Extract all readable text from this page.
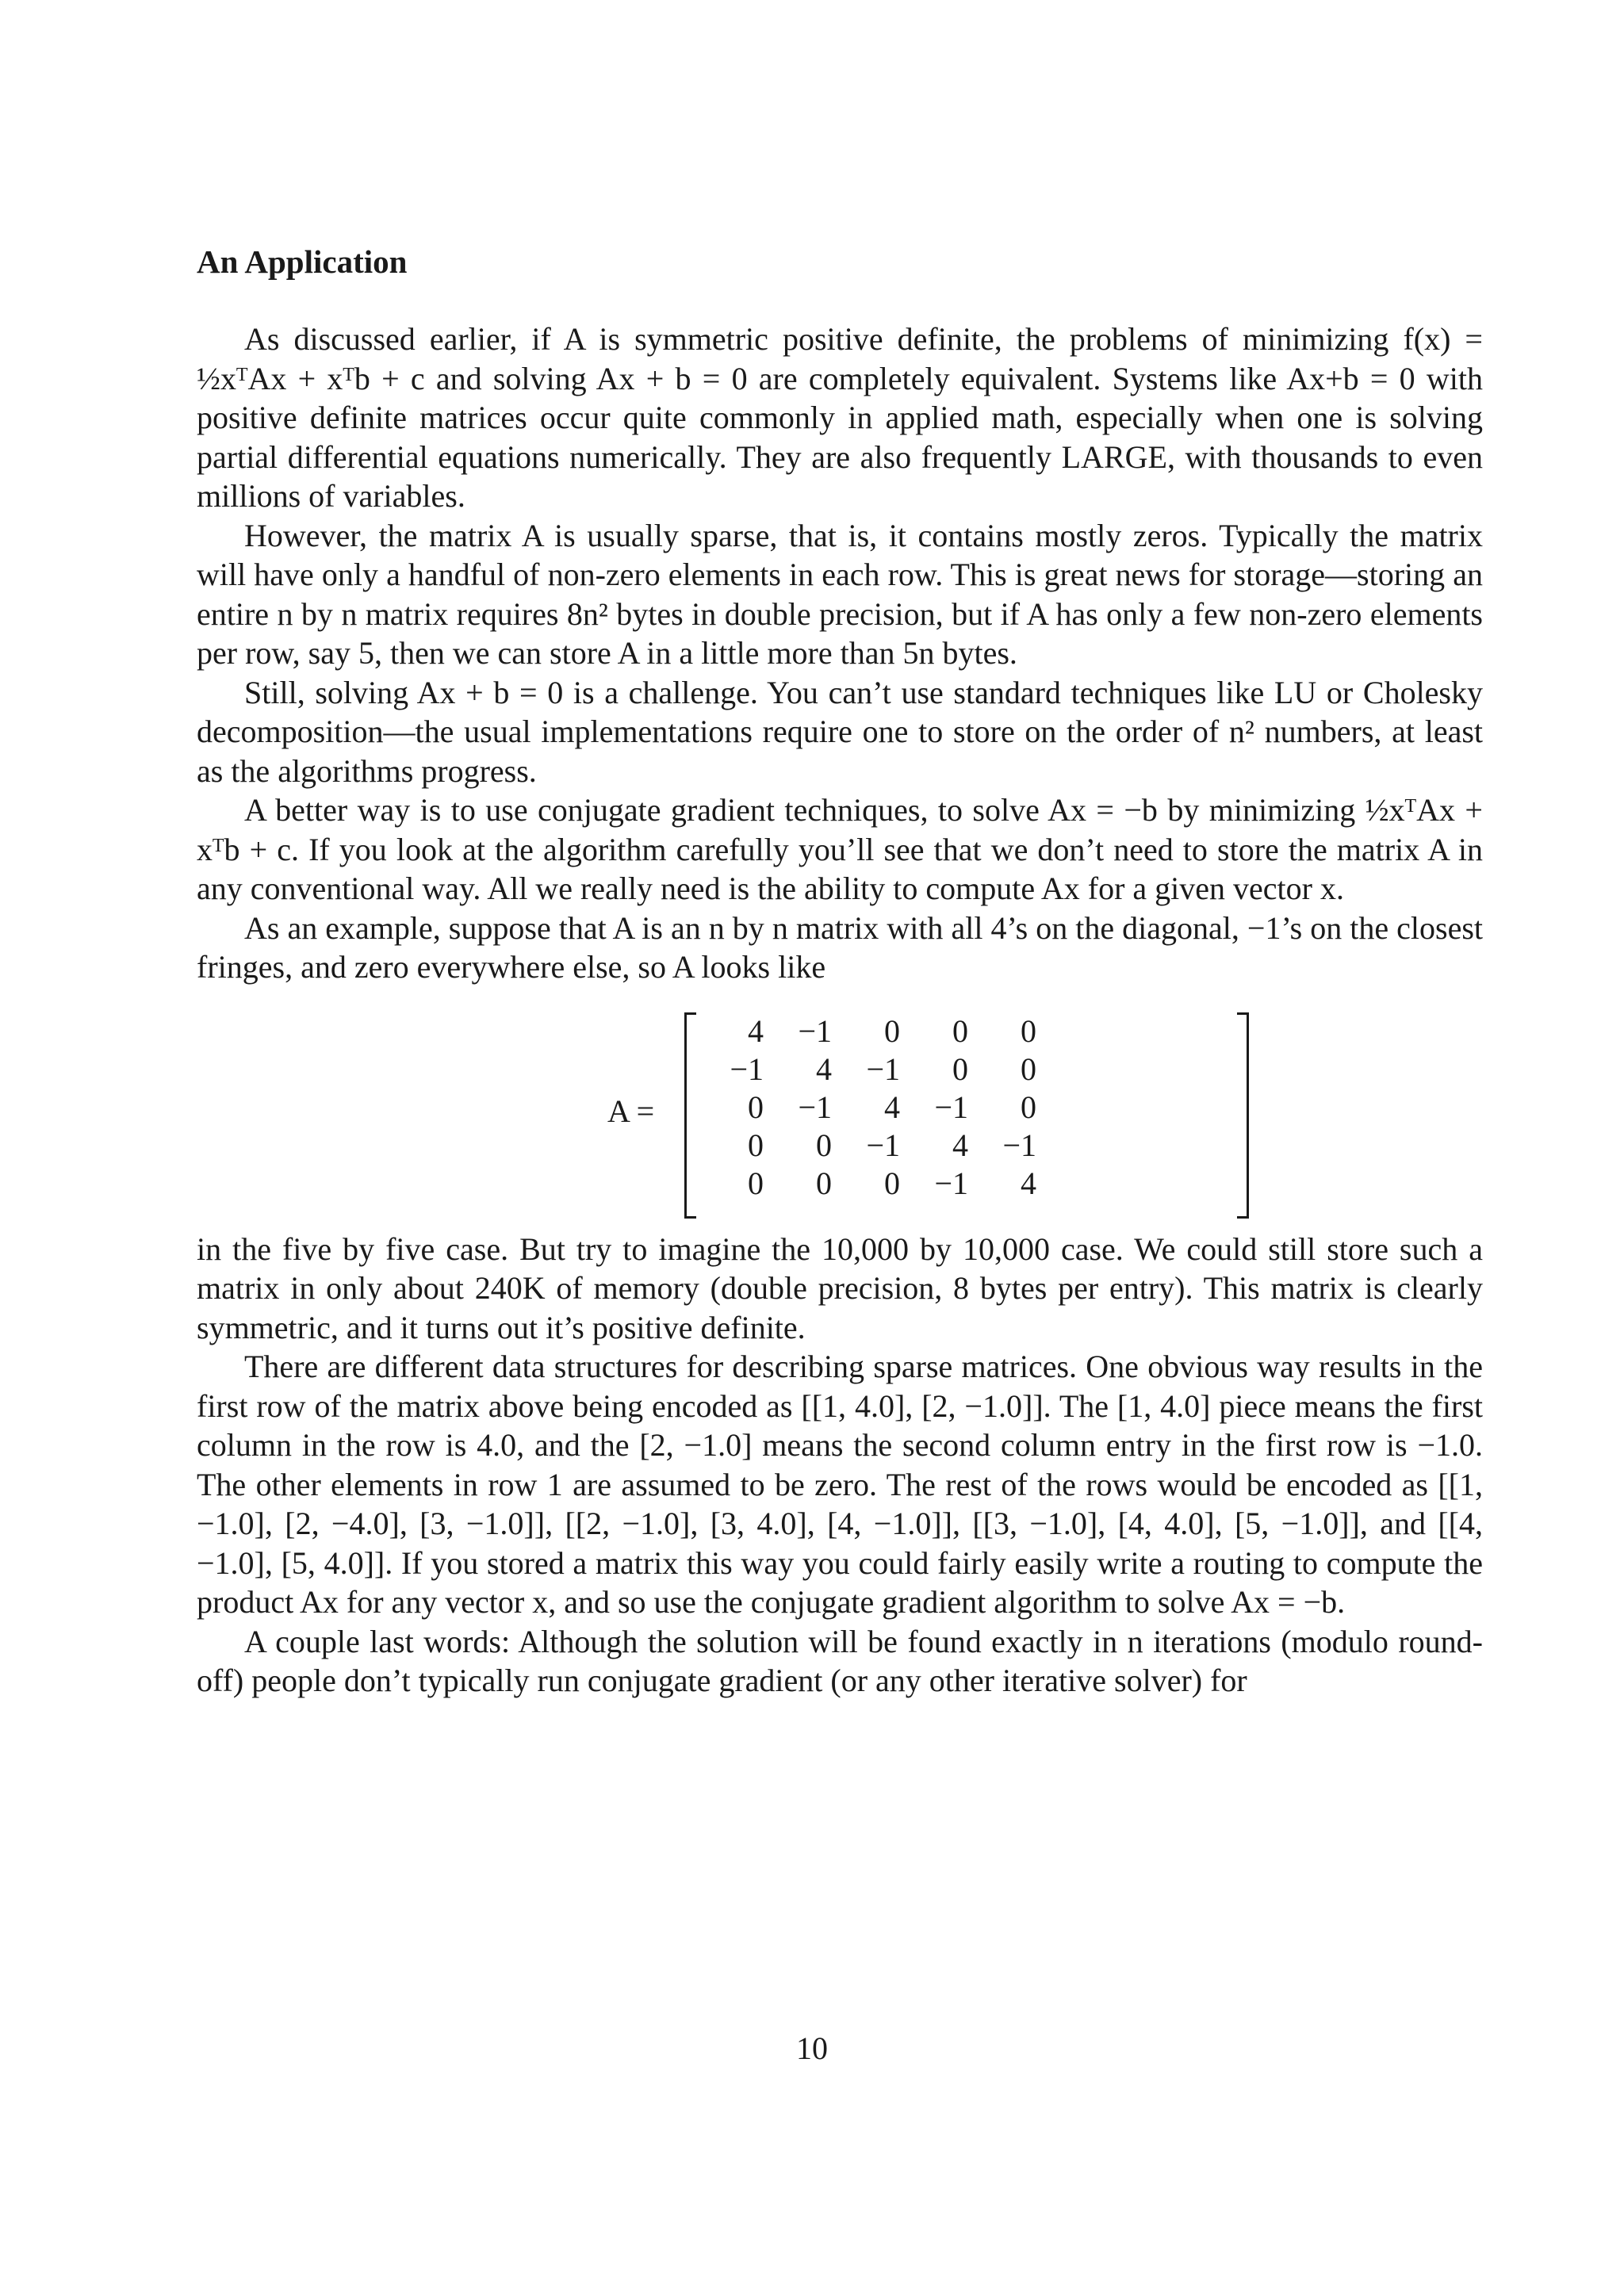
An Application

As discussed earlier, if A is symmetric positive definite, the problems of minimizing f(x) = ½xᵀAx + xᵀb + c and solving Ax + b = 0 are completely equivalent. Systems like Ax+b = 0 with positive definite matrices occur quite commonly in applied math, especially when one is solving partial differential equations numerically. They are also frequently LARGE, with thousands to even millions of variables.

However, the matrix A is usually sparse, that is, it contains mostly zeros. Typically the matrix will have only a handful of non-zero elements in each row. This is great news for storage—storing an entire n by n matrix requires 8n² bytes in double precision, but if A has only a few non-zero elements per row, say 5, then we can store A in a little more than 5n bytes.

Still, solving Ax + b = 0 is a challenge. You can’t use standard techniques like LU or Cholesky decomposition—the usual implementations require one to store on the order of n² numbers, at least as the algorithms progress.

A better way is to use conjugate gradient techniques, to solve Ax = −b by minimizing ½xᵀAx + xᵀb + c. If you look at the algorithm carefully you’ll see that we don’t need to store the matrix A in any conventional way. All we really need is the ability to compute Ax for a given vector x.

As an example, suppose that A is an n by n matrix with all 4’s on the diagonal, −1’s on the closest fringes, and zero everywhere else, so A looks like

A =
4	−1	0	0	0
−1	4	−1	0	0
0	−1	4	−1	0
0	0	−1	4	−1
0	0	0	−1	4

in the five by five case. But try to imagine the 10,000 by 10,000 case. We could still store such a matrix in only about 240K of memory (double precision, 8 bytes per entry). This matrix is clearly symmetric, and it turns out it’s positive definite.

There are different data structures for describing sparse matrices. One obvious way results in the first row of the matrix above being encoded as [[1, 4.0], [2, −1.0]]. The [1, 4.0] piece means the first column in the row is 4.0, and the [2, −1.0] means the second column entry in the first row is −1.0. The other elements in row 1 are assumed to be zero. The rest of the rows would be encoded as [[1, −1.0], [2, −4.0], [3, −1.0]], [[2, −1.0], [3, 4.0], [4, −1.0]], [[3, −1.0], [4, 4.0], [5, −1.0]], and [[4, −1.0], [5, 4.0]]. If you stored a matrix this way you could fairly easily write a routing to compute the product Ax for any vector x, and so use the conjugate gradient algorithm to solve Ax = −b.

A couple last words: Although the solution will be found exactly in n iterations (modulo round-off) people don’t typically run conjugate gradient (or any other iterative solver) for

10
